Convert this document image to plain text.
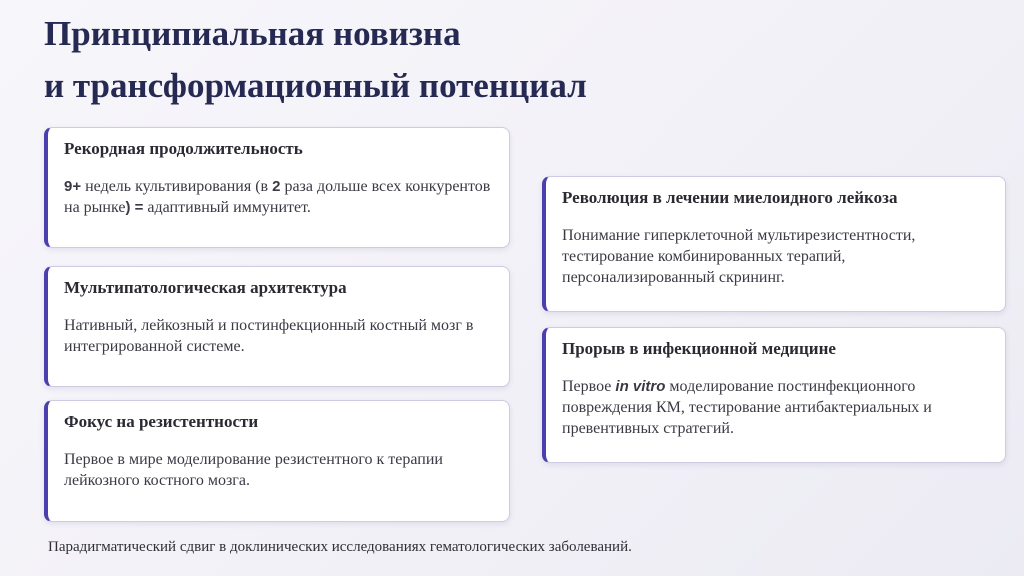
Принципиальная новизна
и трансформационный потенциал
Рекордная продолжительность

9+ недель культивирования (в 2 раза дольше всех конкурентов на рынке) = адаптивный иммунитет.

Мультипатологическая архитектура

Нативный, лейкозный и постинфекционный костный мозг в интегрированной системе.

Фокус на резистентности

Первое в мире моделирование резистентного к терапии лейкозного костного мозга.

Революция в лечении миелоидного лейкоза

Понимание гиперклеточной мультирезистентности, тестирование комбинированных терапий, персонализированный скрининг.

Прорыв в инфекционной медицине

Первое in vitro моделирование постинфекционного повреждения КМ, тестирование антибактериальных и превентивных стратегий.

Парадигматический сдвиг в доклинических исследованиях гематологических заболеваний.
